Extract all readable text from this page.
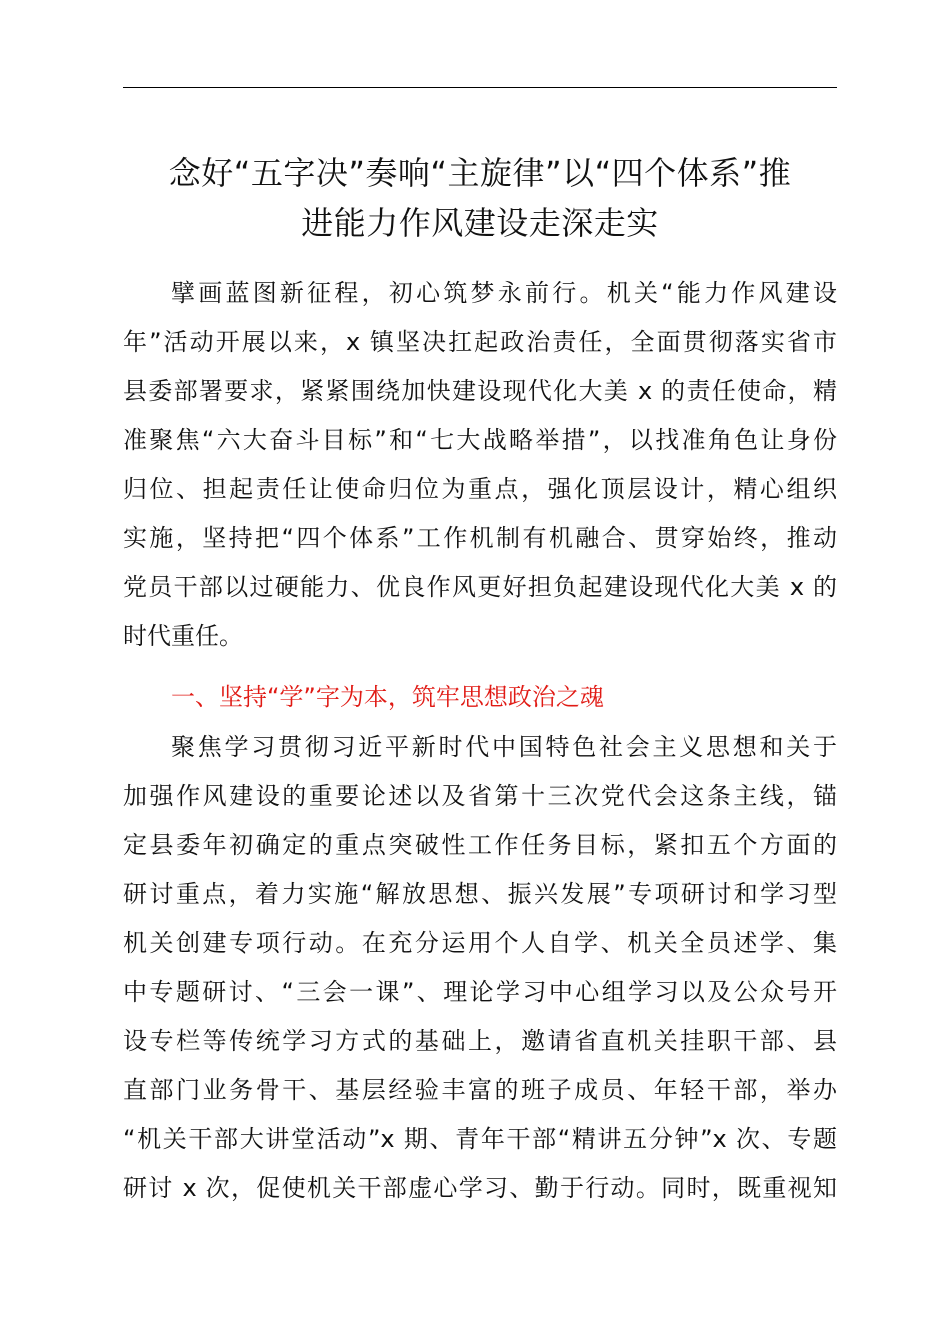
念好“五字决”奏响“主旋律”以“四个体系”推
进能力作风建设走深走实
擘画蓝图新征程，初心筑梦永前行。机关“能力作风建设
年”活动开展以来，x 镇坚决扛起政治责任，全面贯彻落实省市
县委部署要求，紧紧围绕加快建设现代化大美 x 的责任使命，精
准聚焦“六大奋斗目标”和“七大战略举措”，以找准角色让身份
归位、担起责任让使命归位为重点，强化顶层设计，精心组织
实施，坚持把“四个体系”工作机制有机融合、贯穿始终，推动
党员干部以过硬能力、优良作风更好担负起建设现代化大美 x 的
时代重任。
一、坚持“学”字为本，筑牢思想政治之魂
聚焦学习贯彻习近平新时代中国特色社会主义思想和关于
加强作风建设的重要论述以及省第十三次党代会这条主线，锚
定县委年初确定的重点突破性工作任务目标，紧扣五个方面的
研讨重点，着力实施“解放思想、振兴发展”专项研讨和学习型
机关创建专项行动。在充分运用个人自学、机关全员述学、集
中专题研讨、“三会一课”、理论学习中心组学习以及公众号开
设专栏等传统学习方式的基础上，邀请省直机关挂职干部、县
直部门业务骨干、基层经验丰富的班子成员、年轻干部，举办
“机关干部大讲堂活动”x 期、青年干部“精讲五分钟”x 次、专题
研讨 x 次，促使机关干部虚心学习、勤于行动。同时，既重视知
